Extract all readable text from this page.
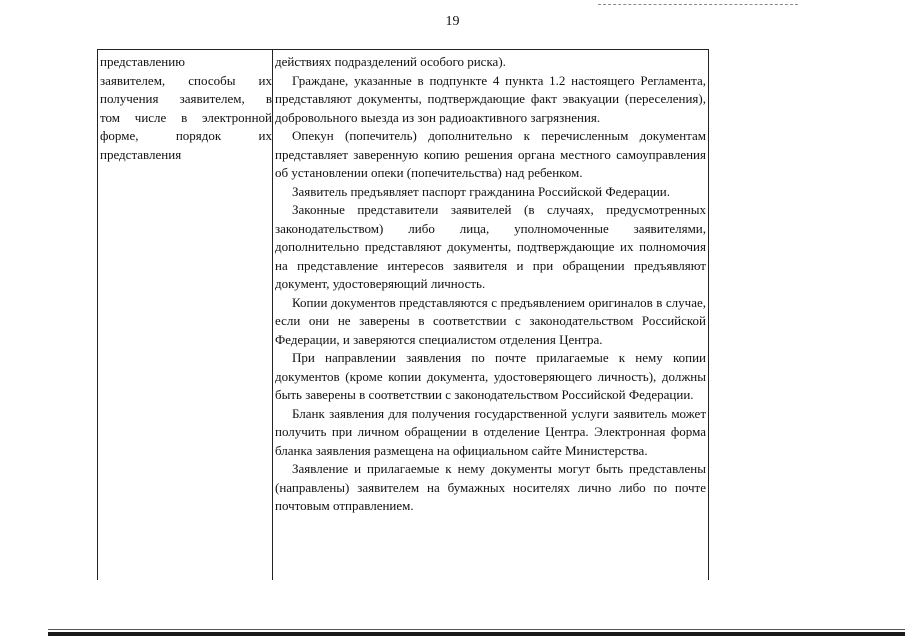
19
представлению
заявителем, способы их
получения заявителем, в
том числе в электронной
форме, порядок их
представления

действиях подразделений особого риска).

Граждане, указанные в подпункте 4 пункта 1.2 настоящего Регламента, представляют документы, подтверждающие факт эвакуации (переселения), добровольного выезда из зон радиоактивного загрязнения.

Опекун (попечитель) дополнительно к перечисленным документам представляет заверенную копию решения органа местного самоуправления об установлении опеки (попечительства) над ребенком.

Заявитель предъявляет паспорт гражданина Российской Федерации.

Законные представители заявителей (в случаях, предусмотренных законодательством) либо лица, уполномоченные заявителями, дополнительно представляют документы, подтверждающие их полномочия на представление интересов заявителя и при обращении предъявляют документ, удостоверяющий личность.

Копии документов представляются с предъявлением оригиналов в случае, если они не заверены в соответствии с законодательством Российской Федерации, и заверяются специалистом отделения Центра.

При направлении заявления по почте прилагаемые к нему копии документов (кроме копии документа, удостоверяющего личность), должны быть заверены в соответствии с законодательством Российской Федерации.

Бланк заявления для получения государственной услуги заявитель может получить при личном обращении в отделение Центра. Электронная форма бланка заявления размещена на официальном сайте Министерства.

Заявление и прилагаемые к нему документы могут быть представлены (направлены) заявителем на бумажных носителях лично либо по почте почтовым отправлением.
